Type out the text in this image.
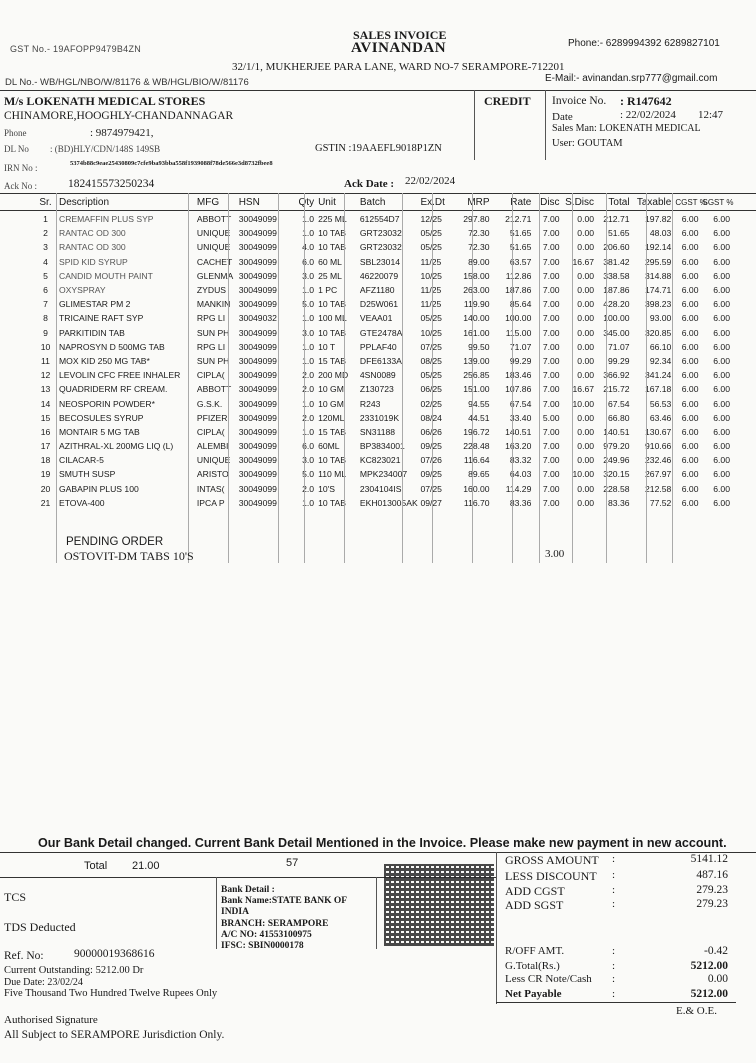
GST No.- 19AFOPP9479B4ZN
SALES INVOICE
AVINANDAN	Phone:- 6289994392 6289827101
32/1/1, MUKHERJEE PARA LANE, WARD NO-7 SERAMPORE-712201
DL No.- WB/HGL/NBO/W/81176 & WB/HGL/BIO/W/81176	E-Mail:- avinandan.srp777@gmail.com
M/s LOKENATH MEDICAL STORES
CHINAMORE,HOOGHLY-CHANDANNAGAR
Phone	: 9874979421,
DL No : (BD)HLY/CDN/148S 149SB	GSTIN :19AAEFL9018P1ZN
IRN No :	5374b88c9eae25430809c7cfe9ba93bba558f1939088f78de566e3d8732fbee8
Ack No :	182415573250234	Ack Date : 22/02/2024
CREDIT Invoice No. : R147642
Date	: 22/02/2024 12:47
Sales Man: LOKENATH MEDICAL
User: GOUTAM
Sr.	Description	MFG	HSN	Qty	Unit	Batch	Ex.Dt	MRP	Rate	Disc	S.Disc	Total	Taxable	CGST %	SGST %
1	CREMAFFIN PLUS SYP	ABBOTT	30049099	1.0	225 ML	612554D7	12/25	297.80	212.71	7.00	0.00	212.71	197.82	6.00	6.00
2	RANTAC OD 300	UNIQUE	30049099	1.0	10 TAB	GRT23032	05/25	72.30	51.65	7.00	0.00	51.65	48.03	6.00	6.00
3	RANTAC OD 300	UNIQUE	30049099	4.0	10 TAB	GRT23032	05/25	72.30	51.65	7.00	0.00	206.60	192.14	6.00	6.00
4	SPID KID SYRUP	CACHET	30049099	6.0	60 ML	SBL23014	11/25	89.00	63.57	7.00	16.67	381.42	295.59	6.00	6.00
5	CANDID MOUTH PAINT	GLENMA	30049099	3.0	25 ML	46220079	10/25	158.00	112.86	7.00	0.00	338.58	314.88	6.00	6.00
6	OXYSPRAY	ZYDUS	30049099	1.0	1 PC	AFZ1180	11/25	263.00	187.86	7.00	0.00	187.86	174.71	6.00	6.00
7	GLIMESTAR PM 2	MANKIN	30049099	5.0	10 TAB	D25W061	11/25	119.90	85.64	7.00	0.00	428.20	398.23	6.00	6.00
8	TRICAINE RAFT SYP	RPG LI	30049032	1.0	100 ML	VEAA01	05/25	140.00	100.00	7.00	0.00	100.00	93.00	6.00	6.00
9	PARKITIDIN TAB	SUN PH	30049099	3.0	10 TAB	GTE2478A	10/25	161.00	115.00	7.00	0.00	345.00	320.85	6.00	6.00
10	NAPROSYN D 500MG TAB	RPG LI	30049099	1.0	10 T	PPLAF40	07/25	99.50	71.07	7.00	0.00	71.07	66.10	6.00	6.00
11	MOX KID 250 MG TAB*	SUN PH	30049099	1.0	15 TAB	DFE6133A	08/25	139.00	99.29	7.00	0.00	99.29	92.34	6.00	6.00
12	LEVOLIN CFC FREE INHALER	CIPLA(	30049099	2.0	200 MD	4SN0089	05/25	256.85	183.46	7.00	0.00	366.92	341.24	6.00	6.00
13	QUADRIDERM RF CREAM.	ABBOTT	30049099	2.0	10 GM	Z130723	06/25	151.00	107.86	7.00	16.67	215.72	167.18	6.00	6.00
14	NEOSPORIN POWDER*	G.S.K.	30049099	1.0	10 GM	R243	02/25	94.55	67.54	7.00	10.00	67.54	56.53	6.00	6.00
15	BECOSULES SYRUP	PFIZER	30049099	2.0	120ML	2331019K	08/24	44.51	33.40	5.00	0.00	66.80	63.46	6.00	6.00
16	MONTAIR 5 MG TAB	CIPLA(	30049099	1.0	15 TAB	SN31188	06/26	196.72	140.51	7.00	0.00	140.51	130.67	6.00	6.00
17	AZITHRAL-XL 200MG LIQ (L)	ALEMBI	30049099	6.0	60ML	BP3834001	09/25	228.48	163.20	7.00	0.00	979.20	910.66	6.00	6.00
18	CILACAR-5	UNIQUE	30049099	3.0	10 TAB	KC823021	07/26	116.64	83.32	7.00	0.00	249.96	232.46	6.00	6.00
19	SMUTH SUSP	ARISTO	30049099	5.0	110 ML	MPK234007	09/25	89.65	64.03	7.00	10.00	320.15	267.97	6.00	6.00
20	GABAPIN PLUS 100	INTAS(	30049099	2.0	10'S	2304104IS	07/25	160.00	114.29	7.00	0.00	228.58	212.58	6.00	6.00
21	ETOVA-400	IPCA P	30049099	1.0	10 TAB	EKH013005AK	09/27	116.70	83.36	7.00	0.00	83.36	77.52	6.00	6.00
PENDING ORDER
OSTOVIT-DM TABS 10'S	3.00
Our Bank Detail changed. Current Bank Detail Mentioned in the Invoice. Please make new payment in new account.
Total 21.00	57
TCS
TDS Deducted
Bank Detail :
Bank Name:STATE BANK OF INDIA
BRANCH: SERAMPORE
A/C NO: 41553100975
IFSC: SBIN0000178
Ref. No:	90000019368616
Current Outstanding: 5212.00 Dr
Due Date: 23/02/24
Five Thousand Two Hundred Twelve Rupees Only
Authorised Signature
All Subject to SERAMPORE Jurisdiction Only.
E.& O.E.
GROSS AMOUNT :	5141.12
LESS DISCOUNT :	487.16
ADD CGST	:	279.23
ADD SGST	:	279.23
R/OFF AMT.	:	-0.42
G.Total(Rs.)	:	5212.00
Less CR Note/Cash :	0.00
Net Payable	:	5212.00
